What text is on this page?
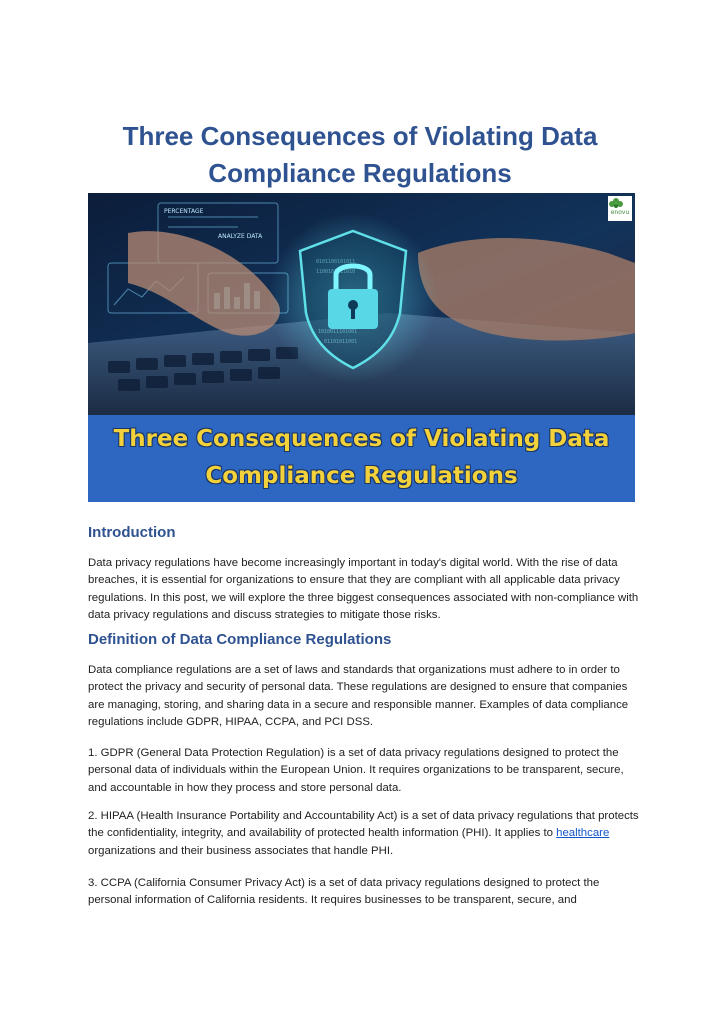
Three Consequences of Violating Data Compliance Regulations
PERCENTAGE
ANALYZE DATA
0101100101011
1100101011010
1010011101001
01101011001
enovu
Three Consequences of Violating Data Compliance Regulations
Introduction

Data privacy regulations have become increasingly important in today's digital world. With the rise of data breaches, it is essential for organizations to ensure that they are compliant with all applicable data privacy regulations. In this post, we will explore the three biggest consequences associated with non-compliance with data privacy regulations and discuss strategies to mitigate those risks.

Definition of Data Compliance Regulations

Data compliance regulations are a set of laws and standards that organizations must adhere to in order to protect the privacy and security of personal data. These regulations are designed to ensure that companies are managing, storing, and sharing data in a secure and responsible manner. Examples of data compliance regulations include GDPR, HIPAA, CCPA, and PCI DSS.

1. GDPR (General Data Protection Regulation) is a set of data privacy regulations designed to protect the personal data of individuals within the European Union. It requires organizations to be transparent, secure, and accountable in how they process and store personal data.

2. HIPAA (Health Insurance Portability and Accountability Act) is a set of data privacy regulations that protects the confidentiality, integrity, and availability of protected health information (PHI). It applies to healthcare organizations and their business associates that handle PHI.

3. CCPA (California Consumer Privacy Act) is a set of data privacy regulations designed to protect the personal information of California residents. It requires businesses to be transparent, secure, and
